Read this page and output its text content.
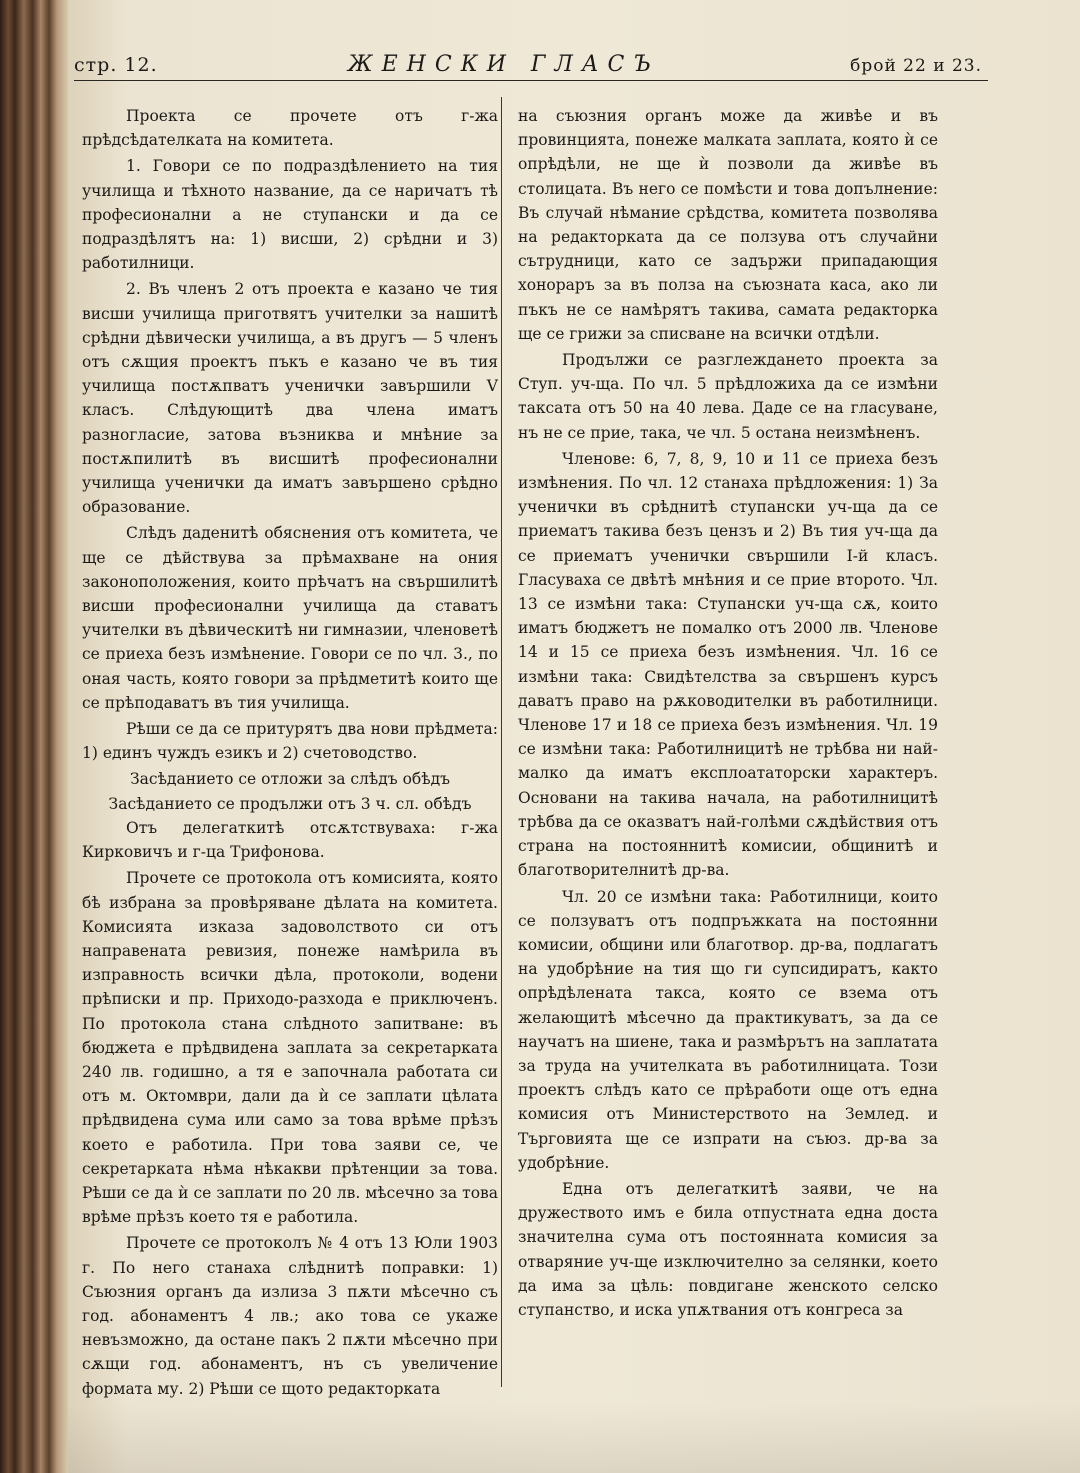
стр. 12.	ЖЕНСКИ ГЛАСЪ	брой 22 и 23.

Проекта се прочете отъ г-жа прѣдсѣдателката на комитета.

1. Говори се по подраздѣлението на тия училища и тѣхното название, да се наричатъ тѣ професионални а не ступански и да се подраздѣлятъ на: 1) висши, 2) срѣдни и 3) работилници.

2. Въ членъ 2 отъ проекта е казано че тия висши училища приготвятъ учителки за нашитѣ срѣдни дѣвически училища, а въ другъ — 5 членъ отъ сѫщия проектъ пъкъ е казано че въ тия училища постѫпватъ ученички завършили V класъ. Слѣдующитѣ два члена иматъ разногласие, затова възниква и мнѣние за постѫпилитѣ въ висшитѣ професионални училища ученички да иматъ завършено срѣдно образование.

Слѣдъ даденитѣ обяснения отъ комитета, че ще се дѣйствува за прѣмахване на ония законоположения, които прѣчатъ на свършилитѣ висши професионални училища да ставатъ учителки въ дѣвическитѣ ни гимназии, членоветѣ се приеха безъ измѣнение. Говори се по чл. 3., по оная часть, която говори за прѣдметитѣ които ще се прѣподаватъ въ тия училища.

Рѣши се да се притурятъ два нови прѣдмета: 1) единъ чуждъ езикъ и 2) счетоводство.

Засѣданието се отложи за слѣдъ обѣдъ

Засѣданието се продължи отъ 3 ч. сл. обѣдъ

Отъ делегаткитѣ отсѫтствуваха: г-жа Кирковичъ и г-ца Трифонова.

Прочете се протокола отъ комисията, която бѣ избрана за провѣряване дѣлата на комитета. Комисията изказа задоволството си отъ направената ревизия, понеже намѣрила въ изправность всички дѣла, протоколи, водени прѣписки и пр. Приходо-разхода е приключенъ. По протокола стана слѣдното запитване: въ бюджета е прѣдвидена заплата за секретарката 240 лв. годишно, а тя е започнала работата си отъ м. Октомври, дали да ѝ се заплати цѣлата прѣдвидена сума или само за това врѣме прѣзъ което е работила. При това заяви се, че секретарката нѣма нѣкакви прѣтенции за това. Рѣши се да ѝ се заплати по 20 лв. мѣсечно за това врѣме прѣзъ което тя е работила.

Прочете се протоколъ № 4 отъ 13 Юли 1903 г. По него станаха слѣднитѣ поправки: 1) Съюзния органъ да излиза 3 пѫти мѣсечно съ год. абонаментъ 4 лв.; ако това се укаже невъзможно, да остане пакъ 2 пѫти мѣсечно при сѫщи год. абонаментъ, нъ съ увеличение формата му. 2) Рѣши се щото редакторката

на съюзния органъ може да живѣе и въ провинцията, понеже малката заплата, която ѝ се опрѣдѣли, не ще ѝ позволи да живѣе въ столицата. Въ него се помѣсти и това допълнение: Въ случай нѣмание срѣдства, комитета позволява на редакторката да се ползува отъ случайни сътрудници, като се задържи припадающия хонораръ за въ полза на съюзната каса, ако ли пъкъ не се намѣрятъ такива, самата редакторка ще се грижи за списване на всички отдѣли.

Продължи се разглеждането проекта за Ступ. уч-ща. По чл. 5 прѣдложиха да се измѣни таксата отъ 50 на 40 лева. Даде се на гласуване, нъ не се прие, така, че чл. 5 остана неизмѣненъ.

Членове: 6, 7, 8, 9, 10 и 11 се приеха безъ измѣнения. По чл. 12 станаха прѣдложения: 1) За ученички въ срѣднитѣ ступански уч-ща да се приематъ такива безъ цензъ и 2) Въ тия уч-ща да се приематъ ученички свършили I-й класъ. Гласуваха се двѣтѣ мнѣния и се прие второто. Чл. 13 се измѣни така: Ступански уч-ща сѫ, които иматъ бюджетъ не помалко отъ 2000 лв. Членове 14 и 15 се приеха безъ измѣнения. Чл. 16 се измѣни така: Свидѣтелства за свършенъ курсъ даватъ право на рѫководителки въ работилници. Членове 17 и 18 се приеха безъ измѣнения. Чл. 19 се измѣни така: Работилницитѣ не трѣбва ни най-малко да иматъ експлоататорски характеръ. Основани на такива начала, на работилницитѣ трѣбва да се оказватъ най-голѣми сѫдѣйствия отъ страна на постояннитѣ комисии, общинитѣ и благотворителнитѣ др-ва.

Чл. 20 се измѣни така: Работилници, които се ползуватъ отъ подпръжката на постоянни комисии, общини или благотвор. др-ва, подлагатъ на удобрѣние на тия що ги супсидиратъ, както опрѣдѣлената такса, която се взема отъ желающитѣ мѣсечно да практикуватъ, за да се научатъ на шиене, така и размѣрътъ на заплатата за труда на учителката въ работилницата. Този проектъ слѣдъ като се прѣработи още отъ една комисия отъ Министерството на Землед. и Търговията ще се изпрати на съюз. др-ва за удобрѣние.

Една отъ делегаткитѣ заяви, че на дружеството имъ е била отпустната една доста значителна сума отъ постоянната комисия за отваряние уч-ще изключително за селянки, което да има за цѣль: повдигане женското селско ступанство, и иска упѫтвания отъ конгреса за
